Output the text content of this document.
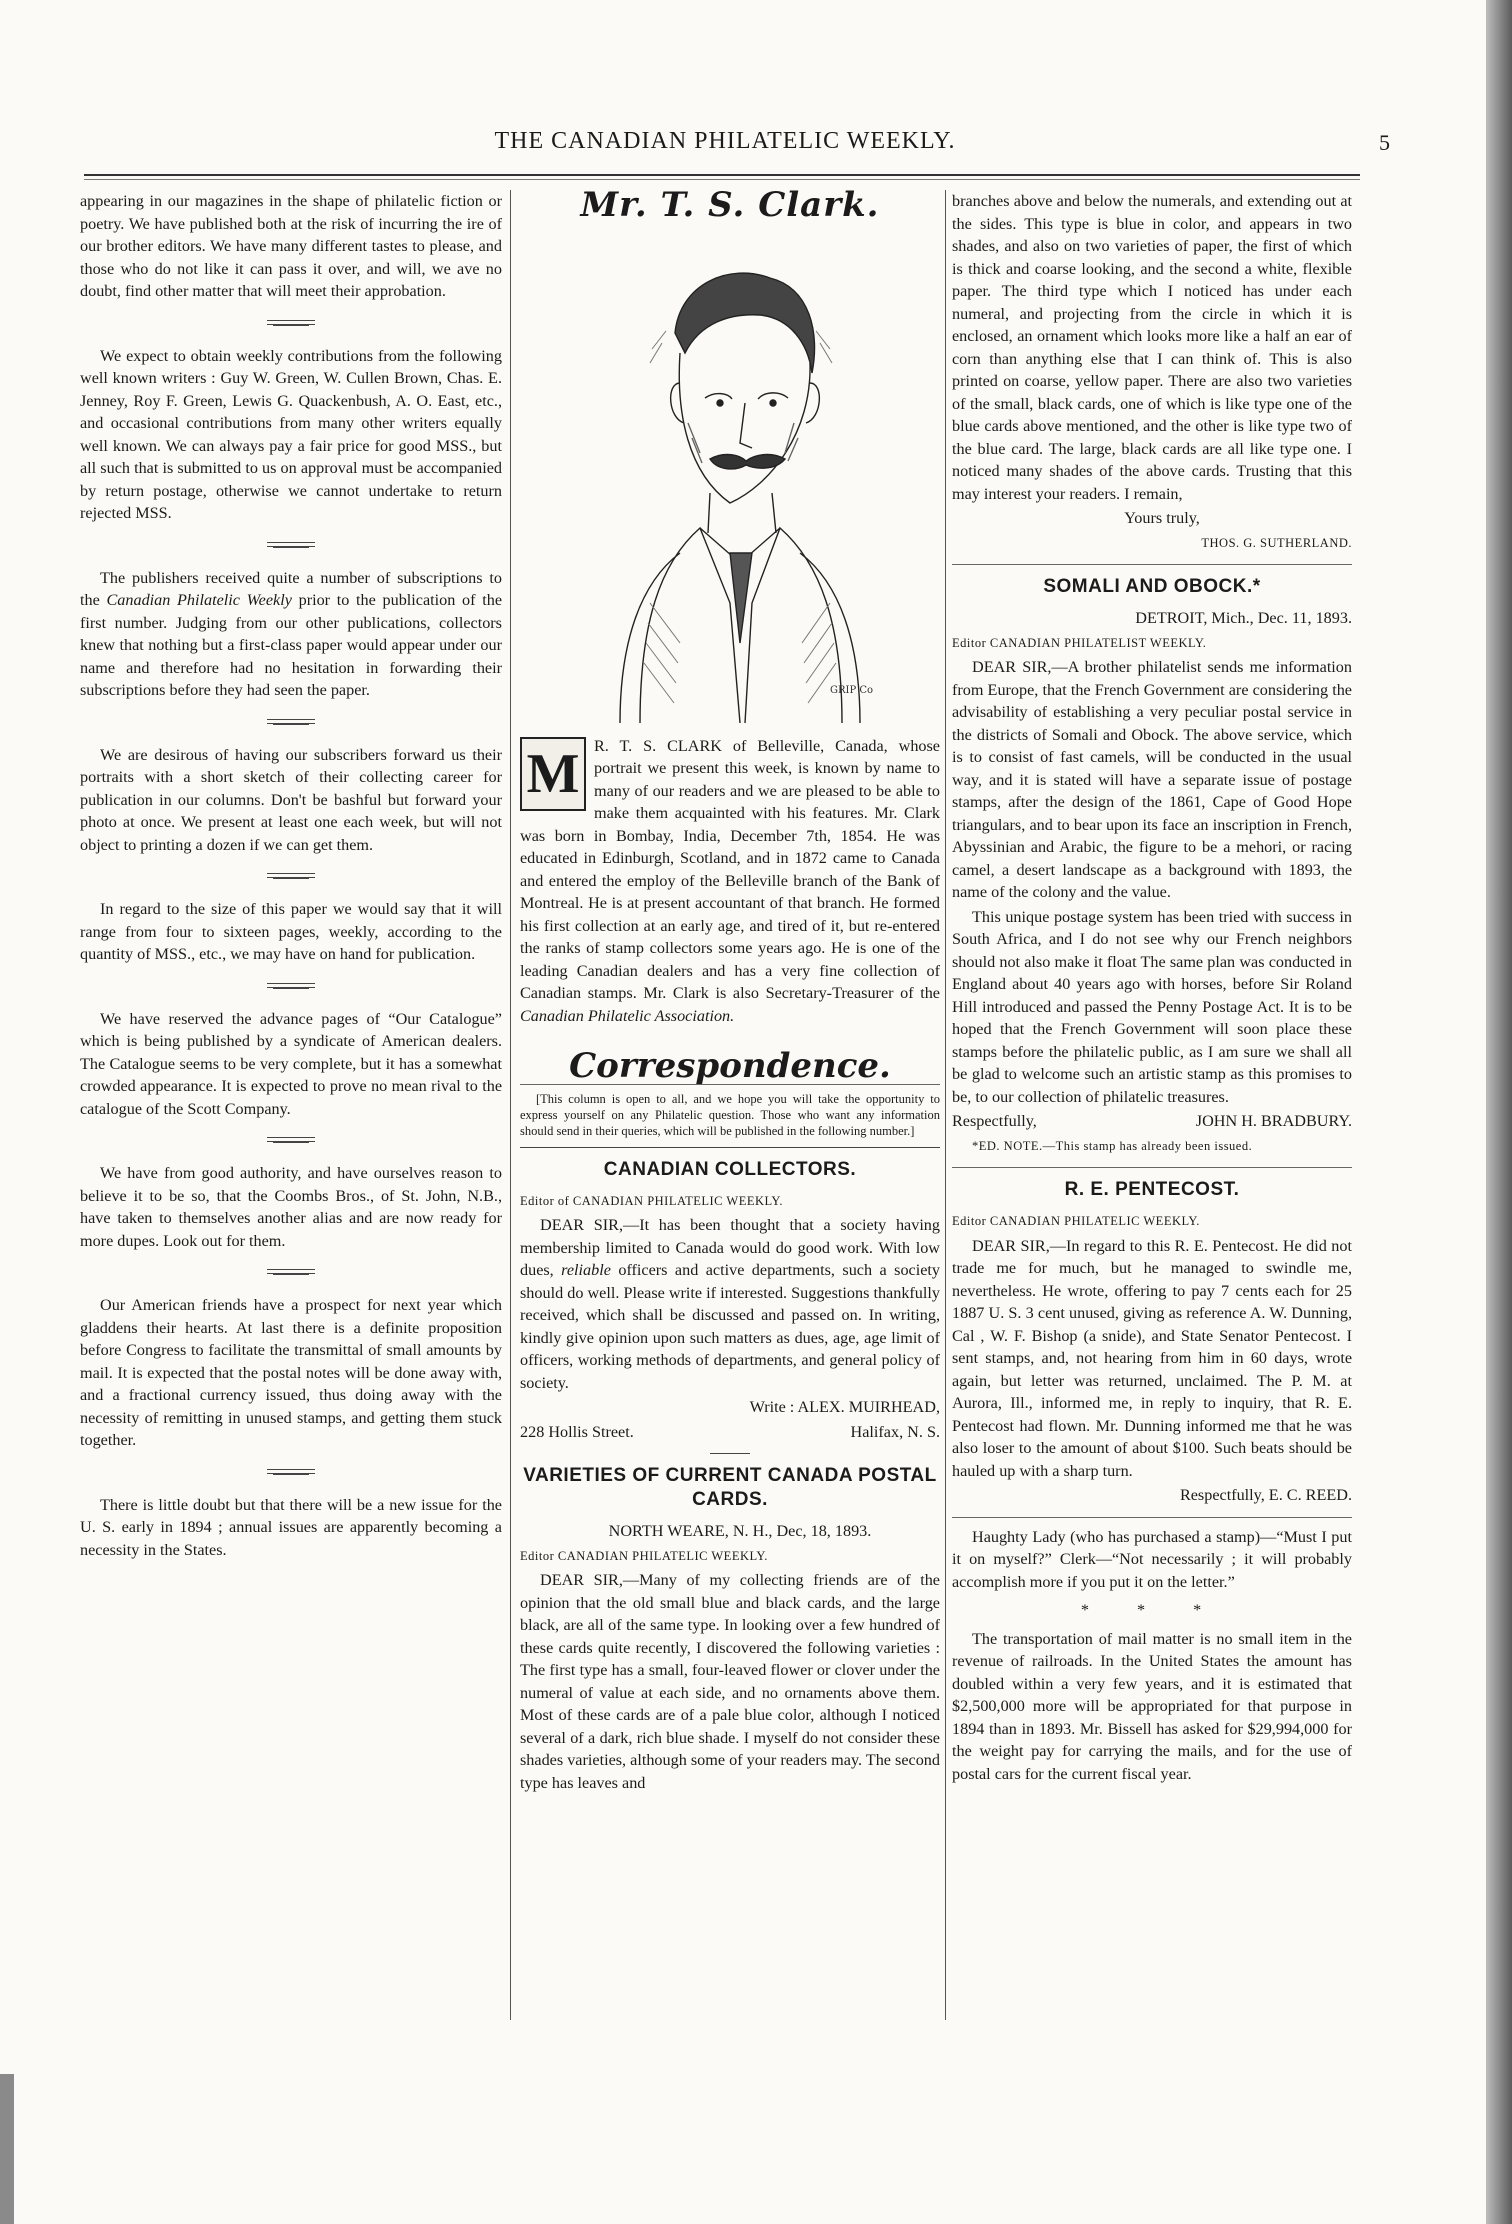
THE CANADIAN PHILATELIC WEEKLY.	5

appearing in our magazines in the shape of philatelic fiction or poetry. We have published both at the risk of incurring the ire of our brother editors. We have many different tastes to please, and those who do not like it can pass it over, and will, we ave no doubt, find other matter that will meet their approbation.

We expect to obtain weekly contributions from the following well known writers : Guy W. Green, W. Cullen Brown, Chas. E. Jenney, Roy F. Green, Lewis G. Quackenbush, A. O. East, etc., and occasional contributions from many other writers equally well known. We can always pay a fair price for good MSS., but all such that is submitted to us on approval must be accompanied by return postage, otherwise we cannot undertake to return rejected MSS.

The publishers received quite a number of subscriptions to the Canadian Philatelic Weekly prior to the publication of the first number. Judging from our other publications, collectors knew that nothing but a first-class paper would appear under our name and therefore had no hesitation in forwarding their subscriptions before they had seen the paper.

We are desirous of having our subscribers forward us their portraits with a short sketch of their collecting career for publication in our columns. Don't be bashful but forward your photo at once. We present at least one each week, but will not object to printing a dozen if we can get them.

In regard to the size of this paper we would say that it will range from four to sixteen pages, weekly, according to the quantity of MSS., etc., we may have on hand for publication.

We have reserved the advance pages of “Our Catalogue” which is being published by a syndicate of American dealers. The Catalogue seems to be very complete, but it has a somewhat crowded appearance. It is expected to prove no mean rival to the catalogue of the Scott Company.

We have from good authority, and have ourselves reason to believe it to be so, that the Coombs Bros., of St. John, N.B., have taken to themselves another alias and are now ready for more dupes. Look out for them.

Our American friends have a prospect for next year which gladdens their hearts. At last there is a definite proposition before Congress to facilitate the transmittal of small amounts by mail. It is expected that the postal notes will be done away with, and a fractional currency issued, thus doing away with the necessity of remitting in unused stamps, and getting them stuck together.

There is little doubt but that there will be a new issue for the U. S. early in 1894 ; annual issues are apparently becoming a necessity in the States.

Mr. T. S. Clark.
GRIP Co

M R. T. S. CLARK of Belleville, Canada, whose portrait we present this week, is known by name to many of our readers and we are pleased to be able to make them acquainted with his features. Mr. Clark was born in Bombay, India, December 7th, 1854. He was educated in Edinburgh, Scotland, and in 1872 came to Canada and entered the employ of the Belleville branch of the Bank of Montreal. He is at present accountant of that branch. He formed his first collection at an early age, and tired of it, but re-entered the ranks of stamp collectors some years ago. He is one of the leading Canadian dealers and has a very fine collection of Canadian stamps. Mr. Clark is also Secretary-Treasurer of the Canadian Philatelic Association.

Correspondence.
[This column is open to all, and we hope you will take the opportunity to express yourself on any Philatelic question. Those who want any information should send in their queries, which will be published in the following number.]
CANADIAN COLLECTORS.

Editor of CANADIAN PHILATELIC WEEKLY.

DEAR SIR,—It has been thought that a society having membership limited to Canada would do good work. With low dues, reliable officers and active departments, such a society should do well. Please write if interested. Suggestions thankfully received, which shall be discussed and passed on. In writing, kindly give opinion upon such matters as dues, age, age limit of officers, working methods of departments, and general policy of society.

Write : ALEX. MUIRHEAD,

228 Hollis Street.	Halifax, N. S.

VARIETIES OF CURRENT CANADA POSTAL CARDS.

NORTH WEARE, N. H., Dec, 18, 1893.

Editor CANADIAN PHILATELIC WEEKLY.

DEAR SIR,—Many of my collecting friends are of the opinion that the old small blue and black cards, and the large black, are all of the same type. In looking over a few hundred of these cards quite recently, I discovered the following varieties : The first type has a small, four-leaved flower or clover under the numeral of value at each side, and no ornaments above them. Most of these cards are of a pale blue color, although I noticed several of a dark, rich blue shade. I myself do not consider these shades varieties, although some of your readers may. The second type has leaves and

branches above and below the numerals, and extending out at the sides. This type is blue in color, and appears in two shades, and also on two varieties of paper, the first of which is thick and coarse looking, and the second a white, flexible paper. The third type which I noticed has under each numeral, and projecting from the circle in which it is enclosed, an ornament which looks more like a half an ear of corn than anything else that I can think of. This is also printed on coarse, yellow paper. There are also two varieties of the small, black cards, one of which is like type one of the blue cards above mentioned, and the other is like type two of the blue card. The large, black cards are all like type one. I noticed many shades of the above cards. Trusting that this may interest your readers. I remain,

Yours truly,

THOS. G. SUTHERLAND.

SOMALI AND OBOCK.*

DETROIT, Mich., Dec. 11, 1893.

Editor CANADIAN PHILATELIST WEEKLY.

DEAR SIR,—A brother philatelist sends me information from Europe, that the French Government are considering the advisability of establishing a very peculiar postal service in the districts of Somali and Obock. The above service, which is to consist of fast camels, will be conducted in the usual way, and it is stated will have a separate issue of postage stamps, after the design of the 1861, Cape of Good Hope triangulars, and to bear upon its face an inscription in French, Abyssinian and Arabic, the figure to be a mehori, or racing camel, a desert landscape as a background with 1893, the name of the colony and the value.

This unique postage system has been tried with success in South Africa, and I do not see why our French neighbors should not also make it float The same plan was conducted in England about 40 years ago with horses, before Sir Roland Hill introduced and passed the Penny Postage Act. It is to be hoped that the French Government will soon place these stamps before the philatelic public, as I am sure we shall all be glad to welcome such an artistic stamp as this promises to be, to our collection of philatelic treasures.

Respectfully,	JOHN H. BRADBURY.

*ED. NOTE.—This stamp has already been issued.

R. E. PENTECOST.

Editor CANADIAN PHILATELIC WEEKLY.

DEAR SIR,—In regard to this R. E. Pentecost. He did not trade me for much, but he managed to swindle me, nevertheless. He wrote, offering to pay 7 cents each for 25 1887 U. S. 3 cent unused, giving as reference A. W. Dunning, Cal , W. F. Bishop (a snide), and State Senator Pentecost. I sent stamps, and, not hearing from him in 60 days, wrote again, but letter was returned, unclaimed. The P. M. at Aurora, Ill., informed me, in reply to inquiry, that R. E. Pentecost had flown. Mr. Dunning informed me that he was also loser to the amount of about $100. Such beats should be hauled up with a sharp turn.

Respectfully, E. C. REED.

Haughty Lady (who has purchased a stamp)—“Must I put it on myself?” Clerk—“Not necessarily ; it will probably accomplish more if you put it on the letter.”

* * *

The transportation of mail matter is no small item in the revenue of railroads. In the United States the amount has doubled within a very few years, and it is estimated that $2,500,000 more will be appropriated for that purpose in 1894 than in 1893. Mr. Bissell has asked for $29,994,000 for the weight pay for carrying the mails, and for the use of postal cars for the current fiscal year.
